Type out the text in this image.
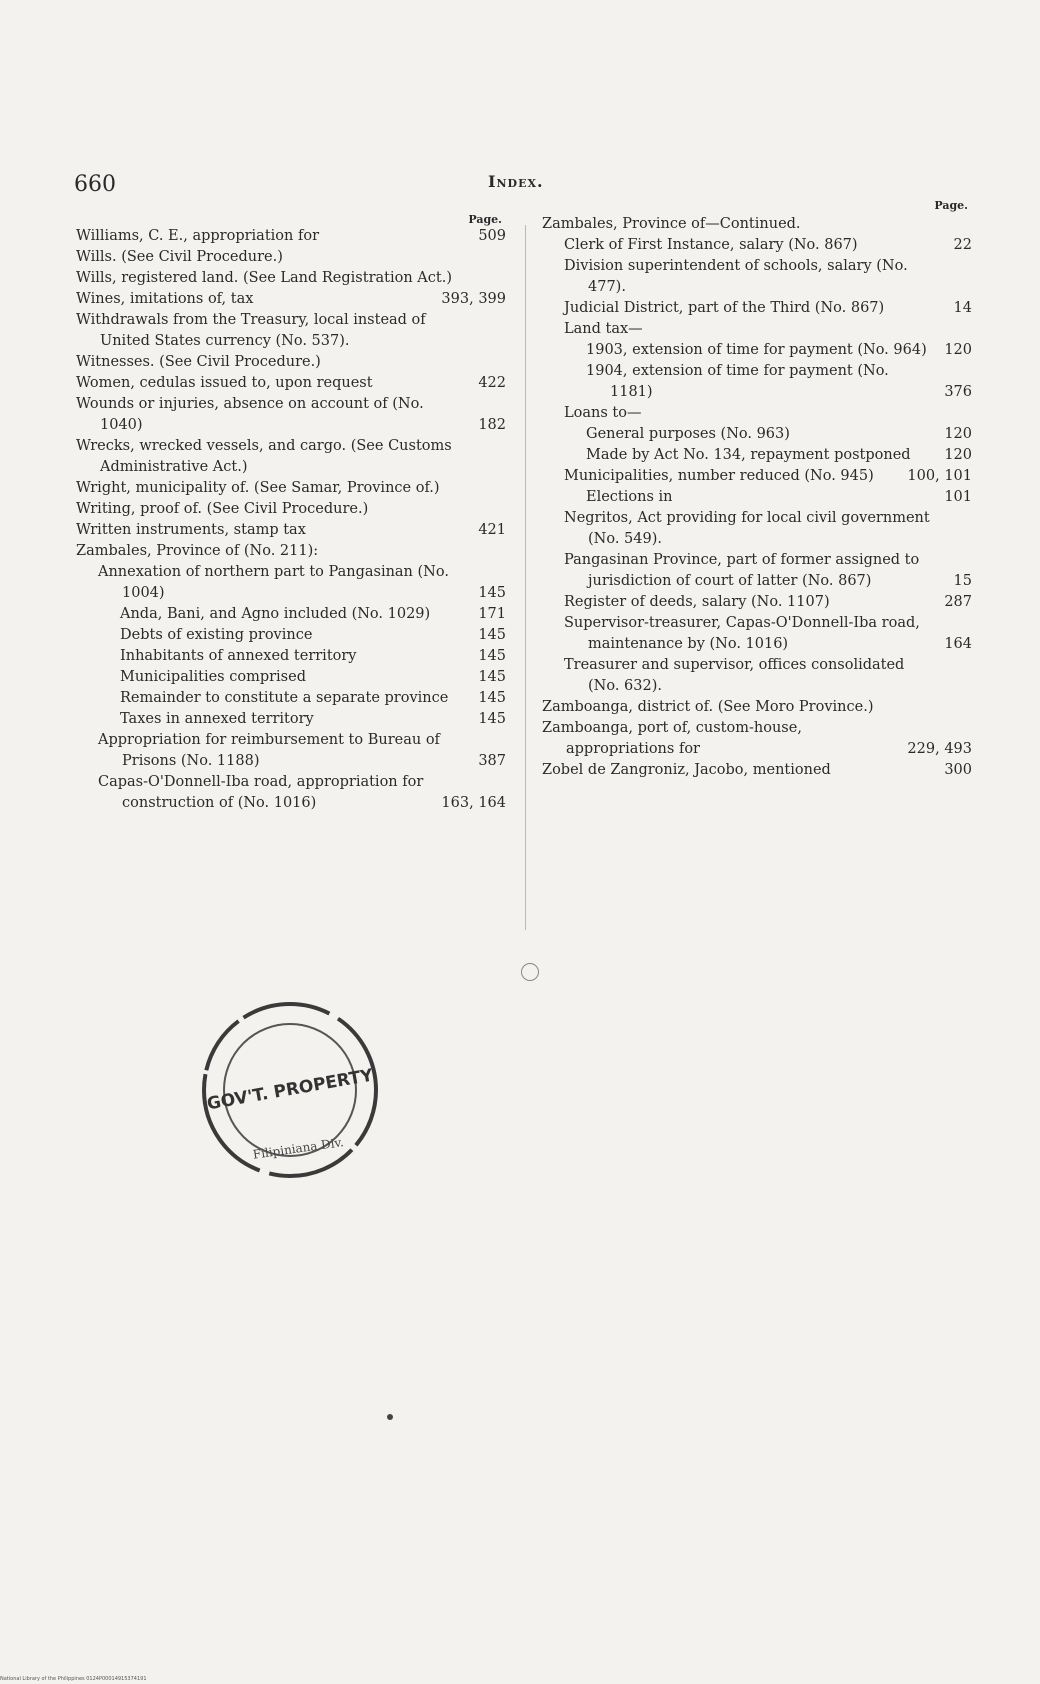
660	Index.
Page.
Williams, C. E., appropriation for	509
Wills. (See Civil Procedure.)
Wills, registered land. (See Land Registration Act.)
Wines, imitations of, tax	393, 399
Withdrawals from the Treasury, local instead of United States currency (No. 537).
Witnesses. (See Civil Procedure.)
Women, cedulas issued to, upon request	422
Wounds or injuries, absence on account of (No. 1040)	182
Wrecks, wrecked vessels, and cargo. (See Customs Administrative Act.)
Wright, municipality of. (See Samar, Province of.)
Writing, proof of. (See Civil Procedure.)
Written instruments, stamp tax	421
Zambales, Province of (No. 211):
Annexation of northern part to Pangasinan (No. 1004)	145
Anda, Bani, and Agno included (No. 1029)	171
Debts of existing province	145
Inhabitants of annexed territory	145
Municipalities comprised	145
Remainder to constitute a separate province	145
Taxes in annexed territory	145
Appropriation for reimbursement to Bureau of Prisons (No. 1188)	387
Capas-O'Donnell-Iba road, appropriation for construction of (No. 1016)	163, 164
Page.
Zambales, Province of—Continued.
Clerk of First Instance, salary (No. 867)	22
Division superintendent of schools, salary (No. 477).
Judicial District, part of the Third (No. 867)	14
Land tax—
1903, extension of time for payment (No. 964)	120
1904, extension of time for payment (No. 1181)	376
Loans to—
General purposes (No. 963)	120
Made by Act No. 134, repayment postponed	120
Municipalities, number reduced (No. 945)	100, 101
Elections in	101
Negritos, Act providing for local civil government (No. 549).
Pangasinan Province, part of former assigned to jurisdiction of court of latter (No. 867)	15
Register of deeds, salary (No. 1107)	287
Supervisor-treasurer, Capas-O'Donnell-Iba road, maintenance by (No. 1016)	164
Treasurer and supervisor, offices consolidated (No. 632).
Zamboanga, district of. (See Moro Province.)
Zamboanga, port of, custom-house, appropriations for	229, 493
Zobel de Zangroniz, Jacobo, mentioned	300
GOV'T. PROPERTY
Filipiniana Div.
National Library of the Philippines 0124P00014915374191
